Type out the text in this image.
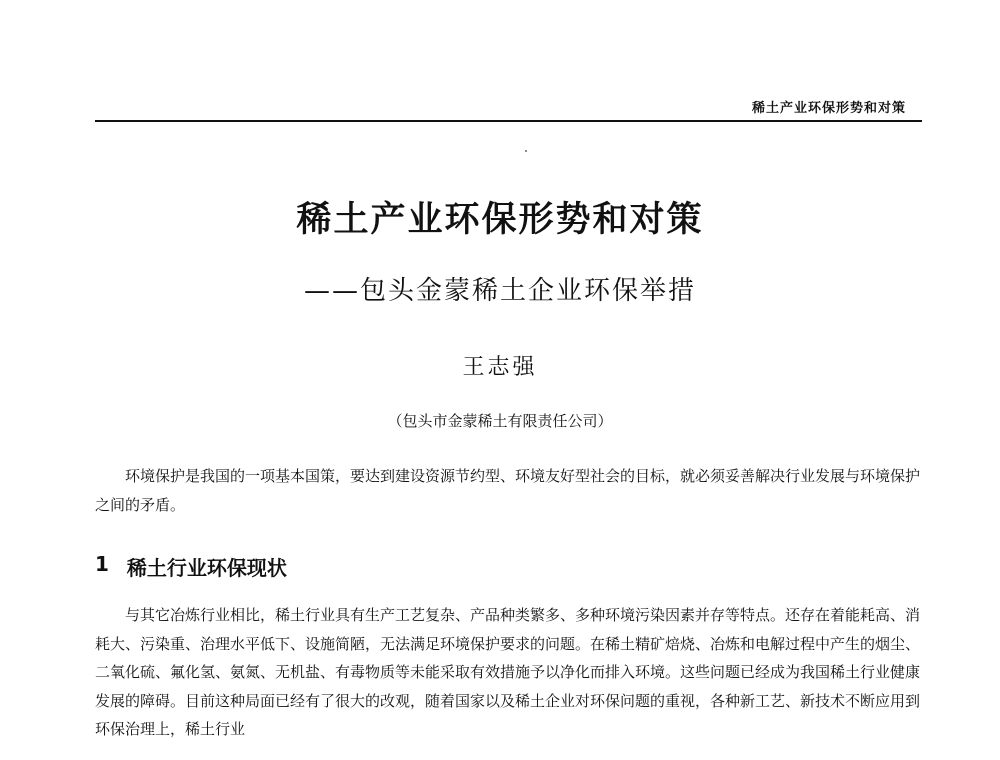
稀土产业环保形势和对策
稀土产业环保形势和对策
——包头金蒙稀土企业环保举措
王志强
（包头市金蒙稀土有限责任公司）

环境保护是我国的一项基本国策，要达到建设资源节约型、环境友好型社会的目标，就必须妥善解决行业发展与环境保护之间的矛盾。

1 稀土行业环保现状

与其它冶炼行业相比，稀土行业具有生产工艺复杂、产品种类繁多、多种环境污染因素并存等特点。还存在着能耗高、消耗大、污染重、治理水平低下、设施简陋，无法满足环境保护要求的问题。在稀土精矿焙烧、冶炼和电解过程中产生的烟尘、二氧化硫、氟化氢、氨氮、无机盐、有毒物质等未能采取有效措施予以净化而排入环境。这些问题已经成为我国稀土行业健康发展的障碍。目前这种局面已经有了很大的改观，随着国家以及稀土企业对环保问题的重视，各种新工艺、新技术不断应用到环保治理上，稀土行业
